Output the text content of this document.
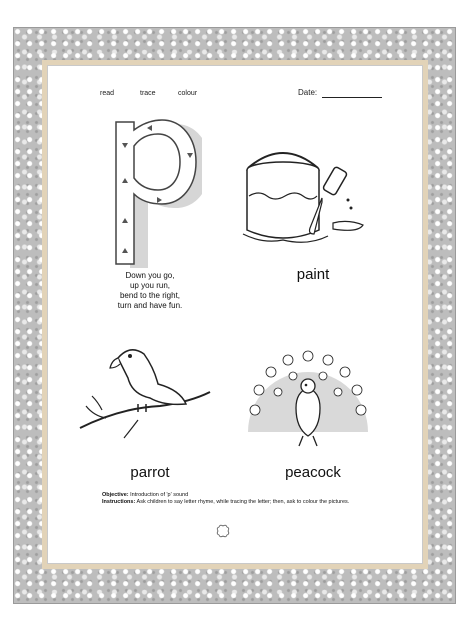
read	trace	colour	Date:
Down you go,
up you run,
bend to the right,
turn and have fun.
paint
parrot	peacock
Objective: Introduction of 'p' sound
Instructions: Ask children to say letter rhyme, while tracing the letter; then, ask to colour the pictures.
